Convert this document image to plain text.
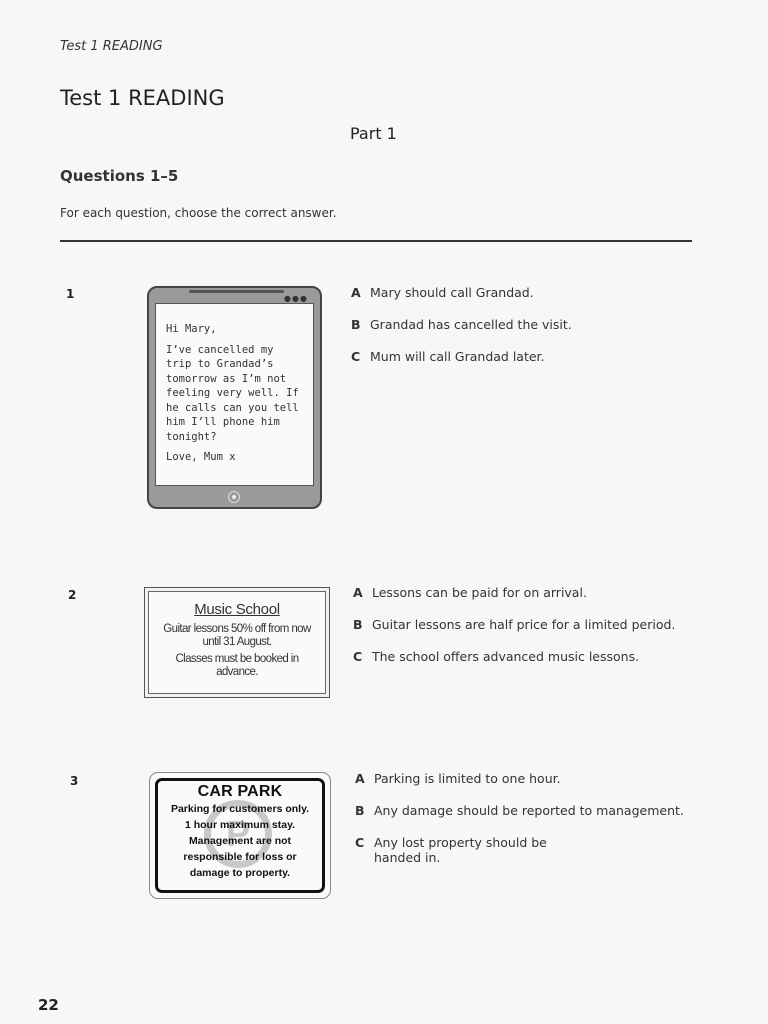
Test 1 READING
Test 1 READING
Part 1
Questions 1–5
For each question, choose the correct answer.
1	●●●

Hi Mary,

I’ve cancelled my trip to Grandad’s tomorrow as I’m not feeling very well. If he calls can you tell him I’ll phone him tonight?

Love, Mum x

A Mary should call Grandad.
B Grandad has cancelled the visit.
C Mum will call Grandad later.
2
Music School
Guitar lessons 50% off from now until 31 August.
Classes must be booked in advance.
A Lessons can be paid for on arrival.
B Guitar lessons are half price for a limited period.
C The school offers advanced music lessons.
3
P
CAR PARK
Parking for customers only.
1 hour maximum stay.
Management are not
responsible for loss or
damage to property.
A Parking is limited to one hour.
B Any damage should be reported to management.
C Any lost property should be handed in.
22
